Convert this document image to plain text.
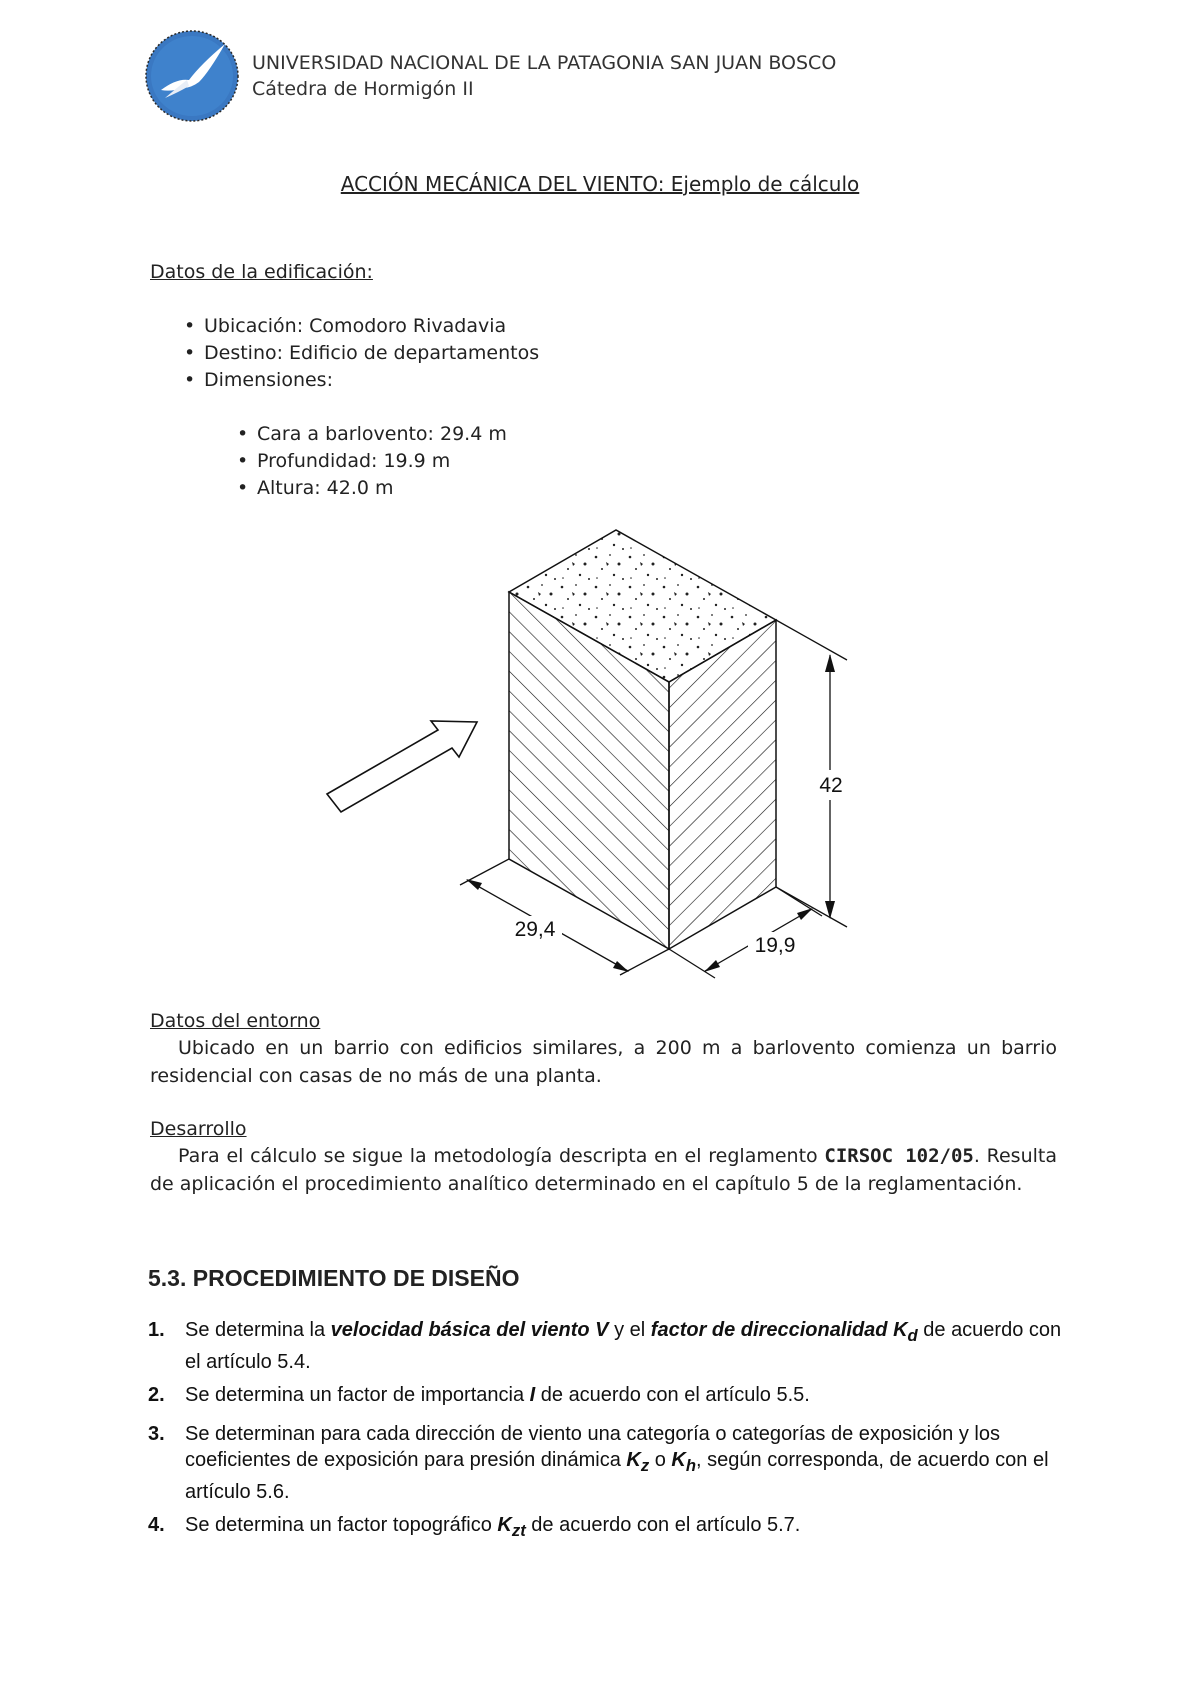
UNIVERSIDAD NACIONAL DE LA PATAGONIA SAN JUAN BOSCO
Cátedra de Hormigón II
ACCIÓN MECÁNICA DEL VIENTO: Ejemplo de cálculo
Datos de la edificación:
• Ubicación: Comodoro Rivadavia
• Destino: Edificio de departamentos
• Dimensiones:
• Cara a barlovento: 29.4 m
• Profundidad: 19.9 m
• Altura: 42.0 m
42
29,4
19,9
Datos del entorno

Ubicado en un barrio con edificios similares, a 200 m a barlovento comienza un barrio residencial con casas de no más de una planta.

Desarrollo

Para el cálculo se sigue la metodología descripta en el reglamento CIRSOC 102/05. Resulta de aplicación el procedimiento analítico determinado en el capítulo 5 de la reglamentación.

5.3. PROCEDIMIENTO DE DISEÑO
1. Se determina la velocidad básica del viento V y el factor de direccionalidad $K_d$ de acuerdo con el artículo 5.4.
2. Se determina un factor de importancia I de acuerdo con el artículo 5.5.
3. Se determinan para cada dirección de viento una categoría o categorías de exposición y los coeficientes de exposición para presión dinámica $K_z$ o $K_h$, según corresponda, de acuerdo con el artículo 5.6.
4. Se determina un factor topográfico $K_{zt}$ de acuerdo con el artículo 5.7.
